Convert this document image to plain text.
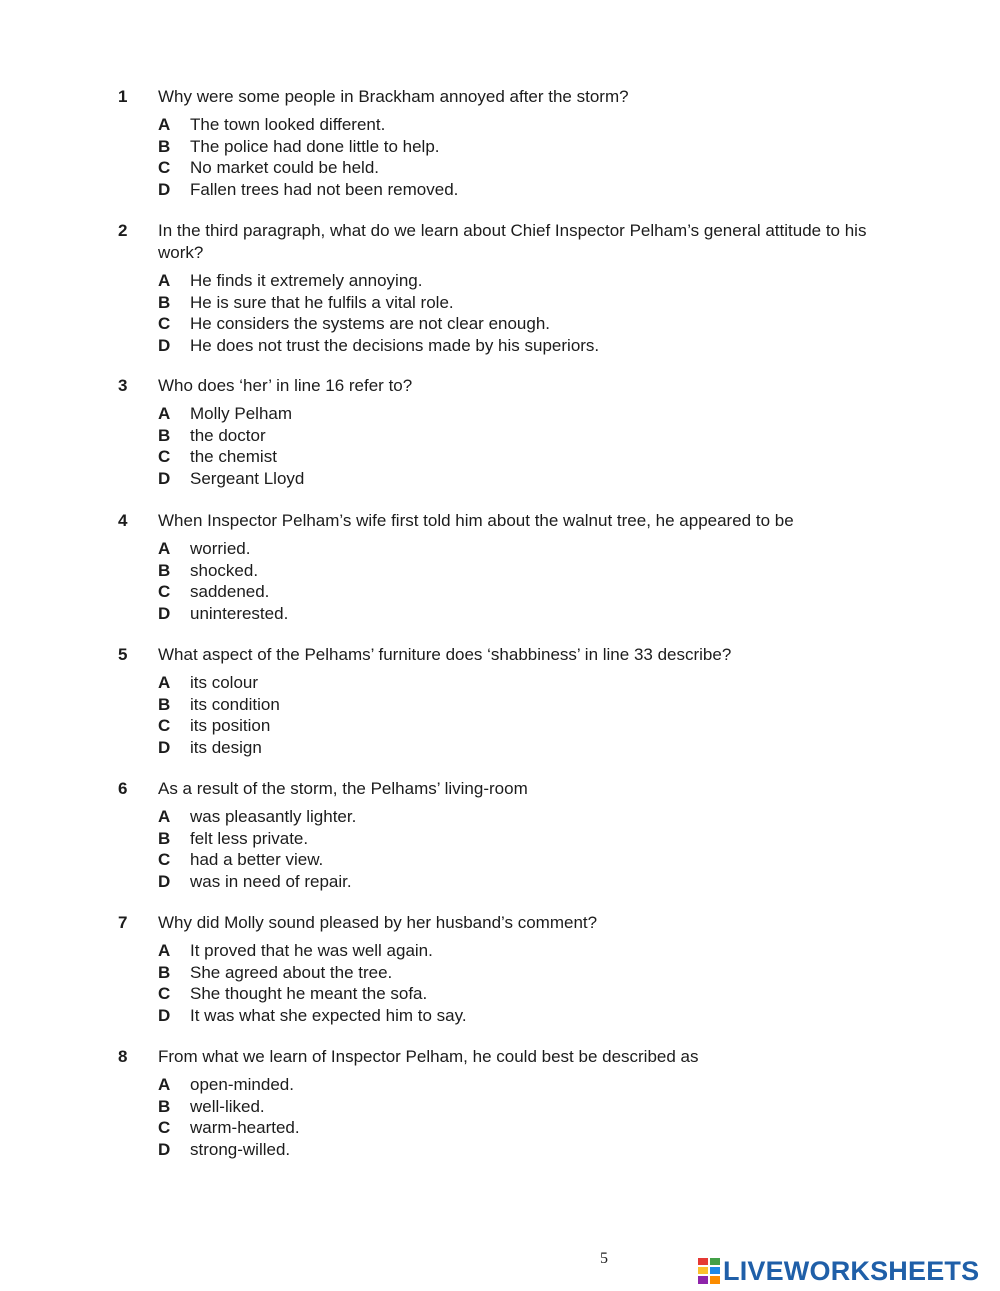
1	Why were some people in Brackham annoyed after the storm?
A	The town looked different.
B	The police had done little to help.
C	No market could be held.
D	Fallen trees had not been removed.
2	In the third paragraph, what do we learn about Chief Inspector Pelham’s general attitude to his work?
A	He finds it extremely annoying.
B	He is sure that he fulfils a vital role.
C	He considers the systems are not clear enough.
D	He does not trust the decisions made by his superiors.
3	Who does ‘her’ in line 16 refer to?
A	Molly Pelham
B	the doctor
C	the chemist
D	Sergeant Lloyd
4	When Inspector Pelham’s wife first told him about the walnut tree, he appeared to be
A	worried.
B	shocked.
C	saddened.
D	uninterested.
5	What aspect of the Pelhams’ furniture does ‘shabbiness’ in line 33 describe?
A	its colour
B	its condition
C	its position
D	its design
6	As a result of the storm, the Pelhams’ living-room
A	was pleasantly lighter.
B	felt less private.
C	had a better view.
D	was in need of repair.
7	Why did Molly sound pleased by her husband’s comment?
A	It proved that he was well again.
B	She agreed about the tree.
C	She thought he meant the sofa.
D	It was what she expected him to say.
8	From what we learn of Inspector Pelham, he could best be described as
A	open-minded.
B	well-liked.
C	warm-hearted.
D	strong-willed.
5	LIVEWORKSHEETS
